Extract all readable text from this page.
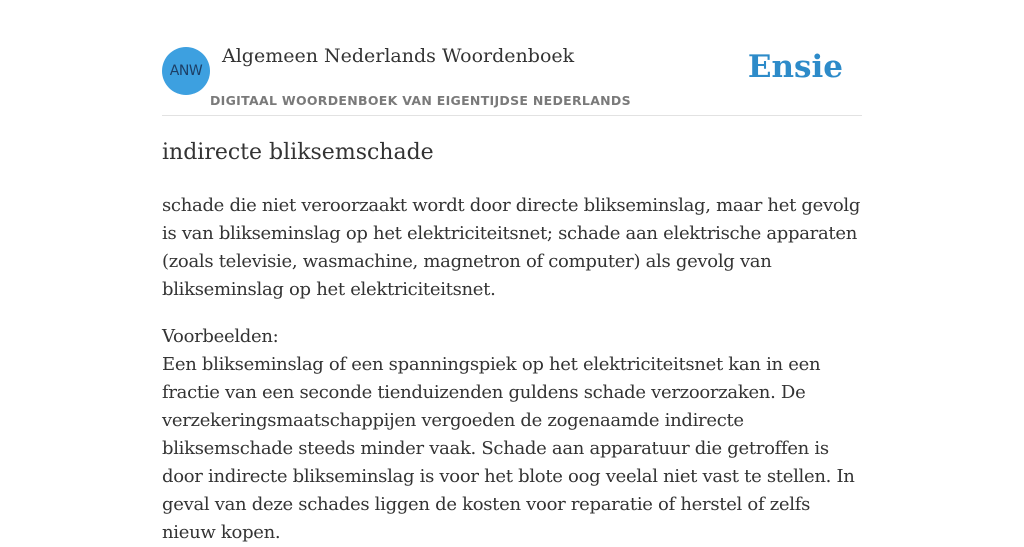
ANW
Algemeen Nederlands Woordenboek
DIGITAAL WOORDENBOEK VAN EIGENTIJDSE NEDERLANDS
Ensie
indirecte bliksemschade

schade die niet veroorzaakt wordt door directe blikseminslag, maar het gevolg is van blikseminslag op het elektriciteitsnet; schade aan elektrische apparaten (zoals televisie, wasmachine, magnetron of computer) als gevolg van blikseminslag op het elektriciteitsnet.

Voorbeelden:
Een blikseminslag of een spanningspiek op het elektriciteitsnet kan in een fractie van een seconde tienduizenden guldens schade verzoorzaken. De verzekeringsmaatschappijen vergoeden de zogenaamde indirecte bliksemschade steeds minder vaak. Schade aan apparatuur die getroffen is door indirecte blikseminslag is voor het blote oog veelal niet vast te stellen. In geval van deze schades liggen de kosten voor reparatie of herstel of zelfs nieuw kopen.
